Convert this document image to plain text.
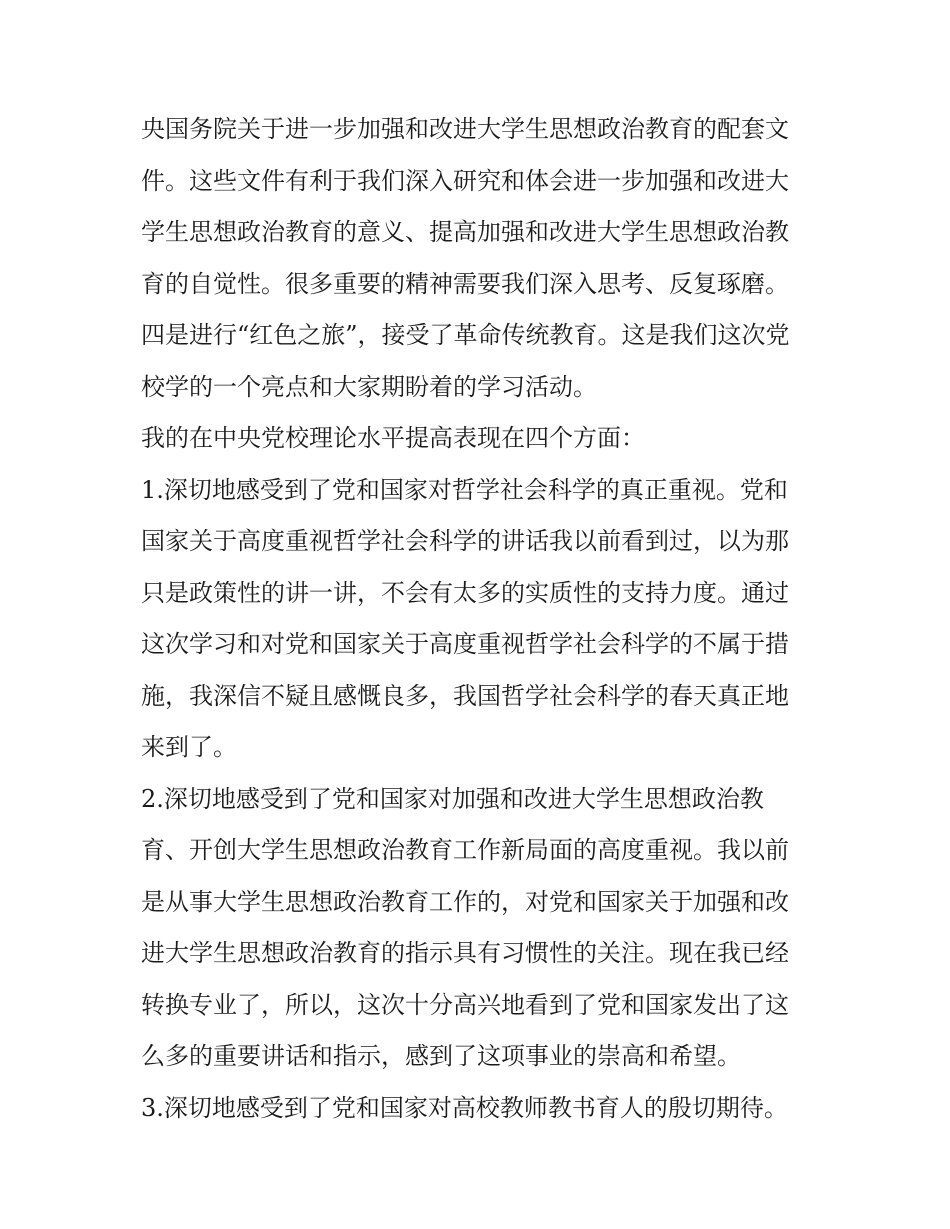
央国务院关于进一步加强和改进大学生思想政治教育的配套文
件。这些文件有利于我们深入研究和体会进一步加强和改进大
学生思想政治教育的意义、提高加强和改进大学生思想政治教
育的自觉性。很多重要的精神需要我们深入思考、反复琢磨。
四是进行“红色之旅”，接受了革命传统教育。这是我们这次党
校学的一个亮点和大家期盼着的学习活动。
我的在中央党校理论水平提高表现在四个方面：
1.深切地感受到了党和国家对哲学社会科学的真正重视。党和
国家关于高度重视哲学社会科学的讲话我以前看到过，以为那
只是政策性的讲一讲，不会有太多的实质性的支持力度。通过
这次学习和对党和国家关于高度重视哲学社会科学的不属于措
施，我深信不疑且感慨良多，我国哲学社会科学的春天真正地
来到了。
2.深切地感受到了党和国家对加强和改进大学生思想政治教
育、开创大学生思想政治教育工作新局面的高度重视。我以前
是从事大学生思想政治教育工作的，对党和国家关于加强和改
进大学生思想政治教育的指示具有习惯性的关注。现在我已经
转换专业了，所以，这次十分高兴地看到了党和国家发出了这
么多的重要讲话和指示，感到了这项事业的崇高和希望。
3.深切地感受到了党和国家对高校教师教书育人的殷切期待。
